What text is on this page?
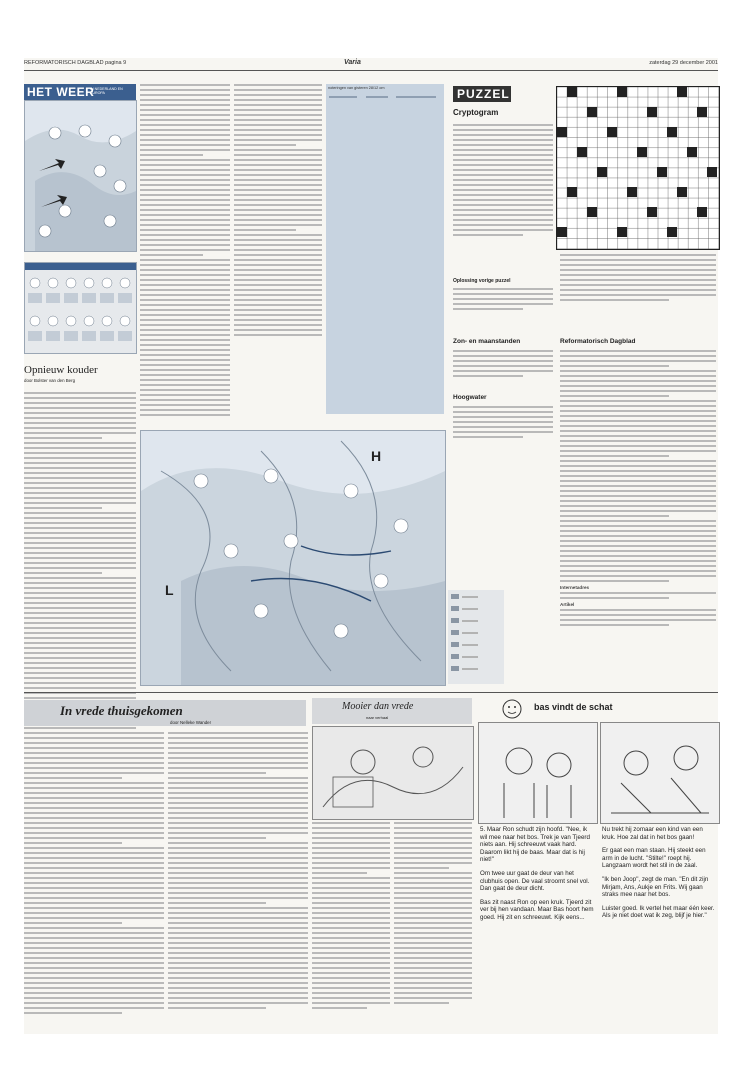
REFORMATORISCH DAGBLAD pagina 9	Varia	zaterdag 29 december 2001
HET WEER
IN NEDERLAND EN EUROPA
Opnieuw kouder
door Bolster van den Berg
noteringen van gisteren 28/12 om
L
H
PUZZEL
Cryptogram
Oplossing vorige puzzel
Zon- en maanstanden
Hoogwater
Reformatorisch Dagblad
Internetadres
Artikel
In vrede thuisgekomen
door Nelleke Wander
Mooier dan vrede
naar verhaal
bas vindt de schat

5. Maar Ron schudt zijn hoofd. "Nee, ik wil mee naar het bos. Trek je van Tjeerd niets aan. Hij schreeuwt vaak hard. Daarom likt hij de baas. Maar dat is hij niet!"

Om twee uur gaat de deur van het clubhuis open. De vaal stroomt snel vol. Dan gaat de deur dicht.

Bas zit naast Ron op een kruk. Tjeerd zit ver bij hen vandaan. Maar Bas hoort hem goed. Hij zit en schreeuwt. Kijk eens...

Nu trekt hij zomaar een kind van een kruk. Hoe zal dat in het bos gaan!

Er gaat een man staan. Hij steekt een arm in de lucht. "Stilte!" roept hij. Langzaam wordt het stil in de zaal.

"Ik ben Joop", zegt de man. "En dit zijn Mirjam, Ans, Aukje en Frits. Wij gaan straks mee naar het bos.

Luister goed. Ik vertel het maar één keer. Als je niet doet wat ik zeg, blijf je hier."
